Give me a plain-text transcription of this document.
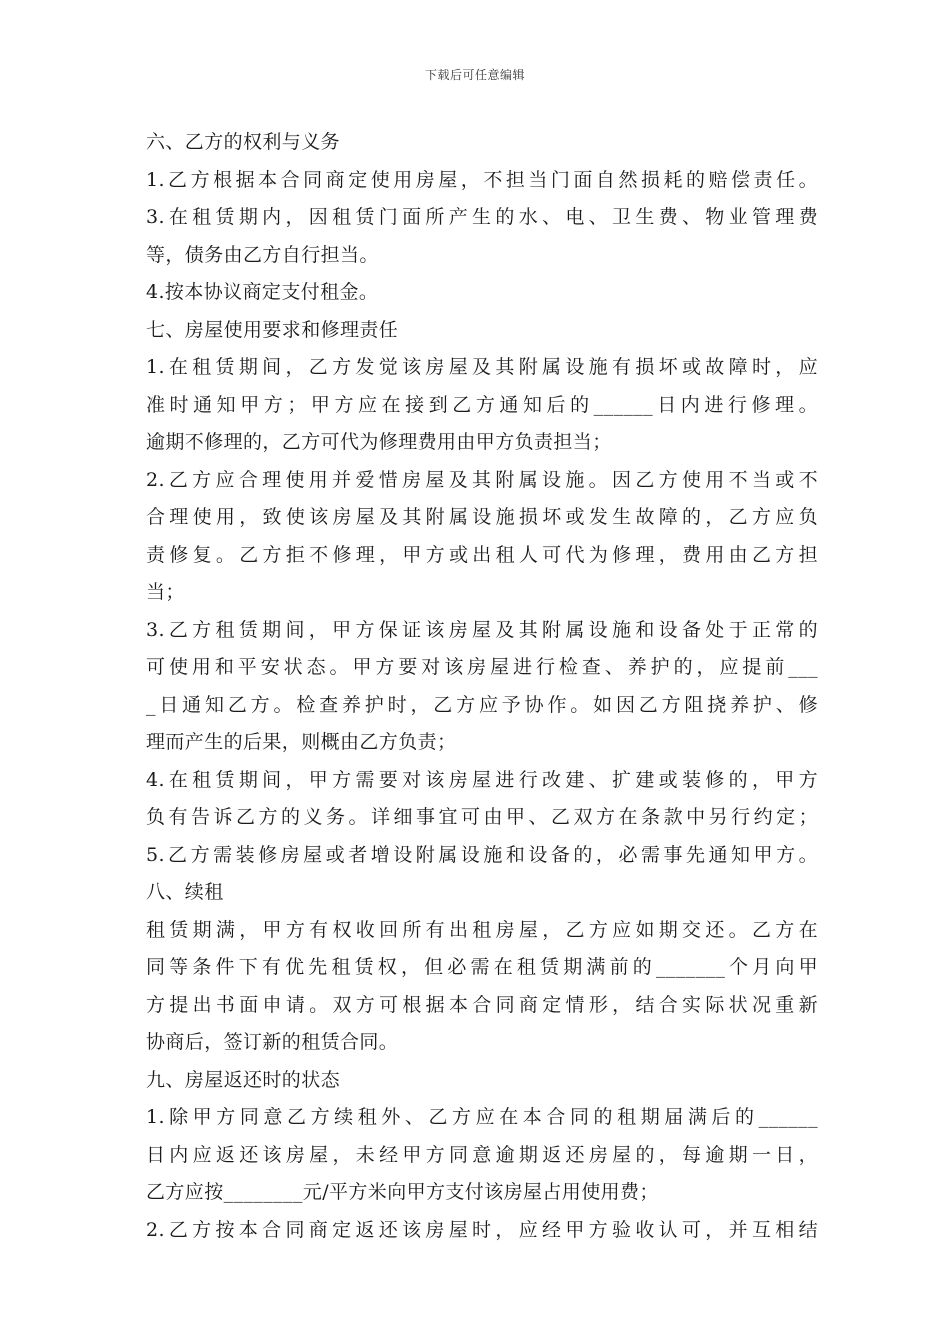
下载后可任意编辑
六、乙方的权利与义务
1.乙方根据本合同商定使用房屋，不担当门面自然损耗的赔偿责任。
3.在租赁期内，因租赁门面所产生的水、电、卫生费、物业管理费
等，债务由乙方自行担当。
4.按本协议商定支付租金。
七、房屋使用要求和修理责任
1.在租赁期间，乙方发觉该房屋及其附属设施有损坏或故障时，应
准时通知甲方；甲方应在接到乙方通知后的______日内进行修理。
逾期不修理的，乙方可代为修理费用由甲方负责担当；
2.乙方应合理使用并爱惜房屋及其附属设施。因乙方使用不当或不
合理使用，致使该房屋及其附属设施损坏或发生故障的，乙方应负
责修复。乙方拒不修理，甲方或出租人可代为修理，费用由乙方担
当；
3.乙方租赁期间，甲方保证该房屋及其附属设施和设备处于正常的
可使用和平安状态。甲方要对该房屋进行检查、养护的，应提前___
_日通知乙方。检查养护时，乙方应予协作。如因乙方阻挠养护、修
理而产生的后果，则概由乙方负责；
4.在租赁期间，甲方需要对该房屋进行改建、扩建或装修的，甲方
负有告诉乙方的义务。详细事宜可由甲、乙双方在条款中另行约定；
5.乙方需装修房屋或者增设附属设施和设备的，必需事先通知甲方。
八、续租
租赁期满，甲方有权收回所有出租房屋，乙方应如期交还。乙方在
同等条件下有优先租赁权，但必需在租赁期满前的_______个月向甲
方提出书面申请。双方可根据本合同商定情形，结合实际状况重新
协商后，签订新的租赁合同。
九、房屋返还时的状态
1.除甲方同意乙方续租外、乙方应在本合同的租期届满后的______
日内应返还该房屋，未经甲方同意逾期返还房屋的，每逾期一日，
乙方应按________元/平方米向甲方支付该房屋占用使用费；
2.乙方按本合同商定返还该房屋时，应经甲方验收认可，并互相结
